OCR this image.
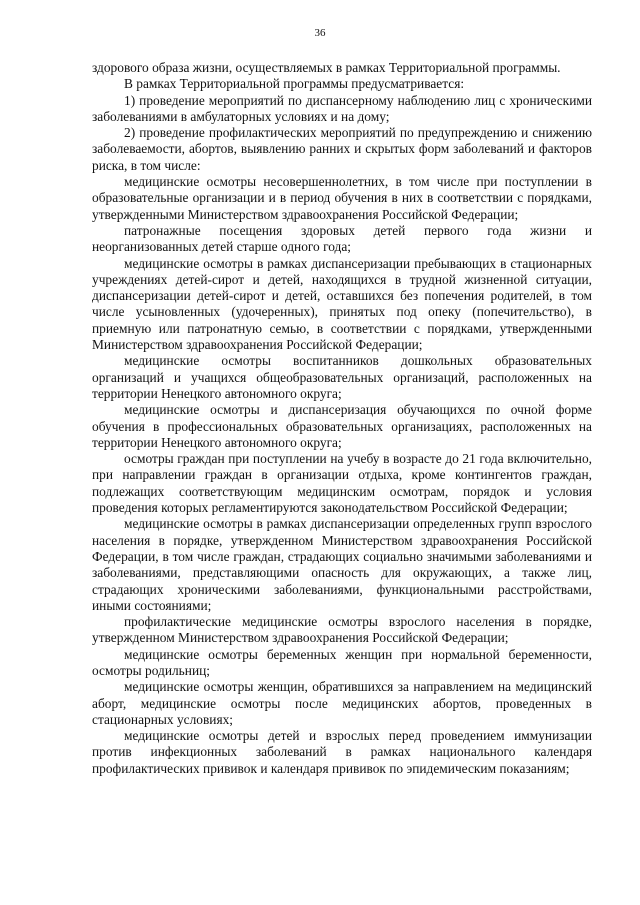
36

здорового образа жизни, осуществляемых в рамках Территориальной программы.

В рамках Территориальной программы предусматривается:

1) проведение мероприятий по диспансерному наблюдению лиц с хроническими заболеваниями в амбулаторных условиях и на дому;

2) проведение профилактических мероприятий по предупреждению и снижению заболеваемости, абортов, выявлению ранних и скрытых форм заболеваний и факторов риска, в том числе:

медицинские осмотры несовершеннолетних, в том числе при поступлении в образовательные организации и в период обучения в них в соответствии с порядками, утвержденными Министерством здравоохранения Российской Федерации;

патронажные посещения здоровых детей первого года жизни и неорганизованных детей старше одного года;

медицинские осмотры в рамках диспансеризации пребывающих в стационарных учреждениях детей-сирот и детей, находящихся в трудной жизненной ситуации, диспансеризации детей-сирот и детей, оставшихся без попечения родителей, в том числе усыновленных (удочеренных), принятых под опеку (попечительство), в приемную или патронатную семью, в соответствии с порядками, утвержденными Министерством здравоохранения Российской Федерации;

медицинские осмотры воспитанников дошкольных образовательных организаций и учащихся общеобразовательных организаций, расположенных на территории Ненецкого автономного округа;

медицинские осмотры и диспансеризация обучающихся по очной форме обучения в профессиональных образовательных организациях, расположенных на территории Ненецкого автономного округа;

осмотры граждан при поступлении на учебу в возрасте до 21 года включительно, при направлении граждан в организации отдыха, кроме контингентов граждан, подлежащих соответствующим медицинским осмотрам, порядок и условия проведения которых регламентируются законодательством Российской Федерации;

медицинские осмотры в рамках диспансеризации определенных групп взрослого населения в порядке, утвержденном Министерством здравоохранения Российской Федерации, в том числе граждан, страдающих социально значимыми заболеваниями и заболеваниями, представляющими опасность для окружающих, а также лиц, страдающих хроническими заболеваниями, функциональными расстройствами, иными состояниями;

профилактические медицинские осмотры взрослого населения в порядке, утвержденном Министерством здравоохранения Российской Федерации;

медицинские осмотры беременных женщин при нормальной беременности, осмотры родильниц;

медицинские осмотры женщин, обратившихся за направлением на медицинский аборт, медицинские осмотры после медицинских абортов, проведенных в стационарных условиях;

медицинские осмотры детей и взрослых перед проведением иммунизации против инфекционных заболеваний в рамках национального календаря профилактических прививок и календаря прививок по эпидемическим показаниям;
